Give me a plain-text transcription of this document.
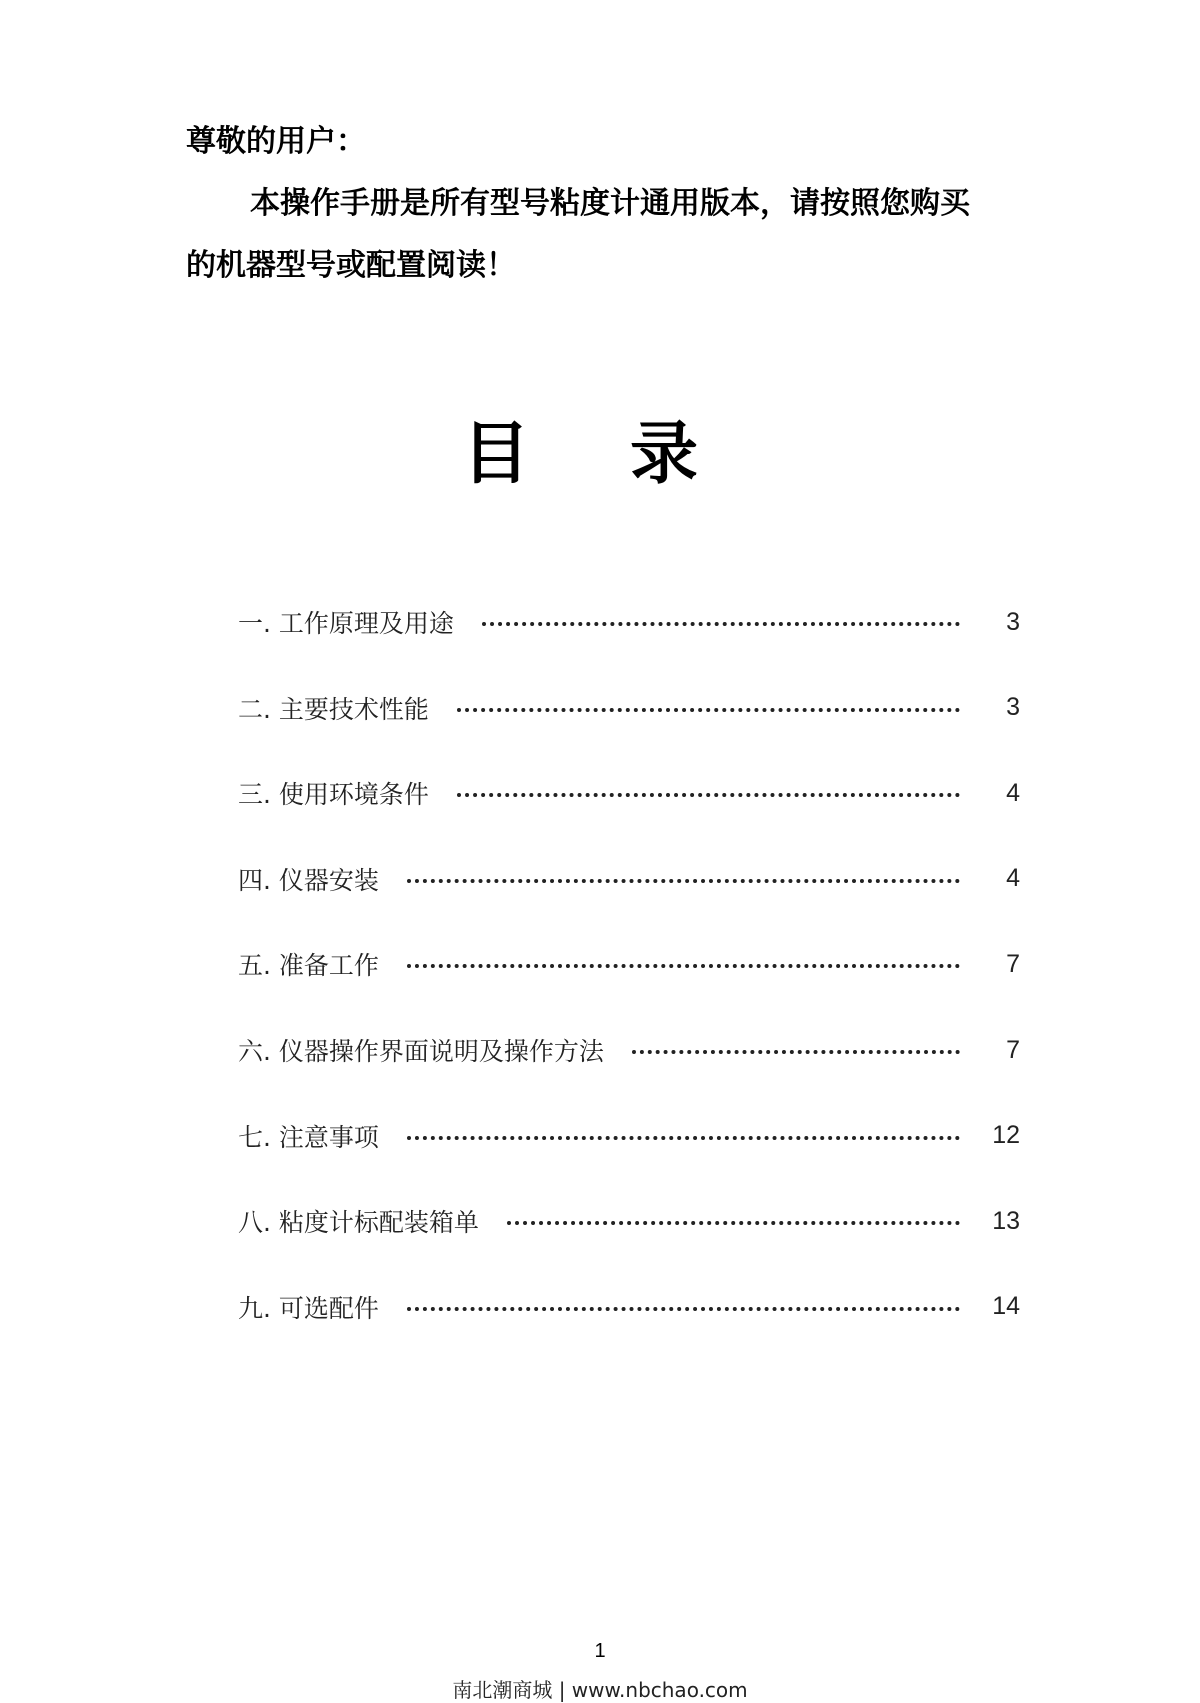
尊敬的用户：
本操作手册是所有型号粘度计通用版本，请按照您购买
的机器型号或配置阅读！
目录
一. 工作原理及用途	3
二. 主要技术性能	3
三. 使用环境条件	4
四. 仪器安装	4
五. 准备工作	7
六. 仪器操作界面说明及操作方法	7
七. 注意事项	12
八. 粘度计标配装箱单	13
九. 可选配件	14
1
南北潮商城 | www.nbchao.com
